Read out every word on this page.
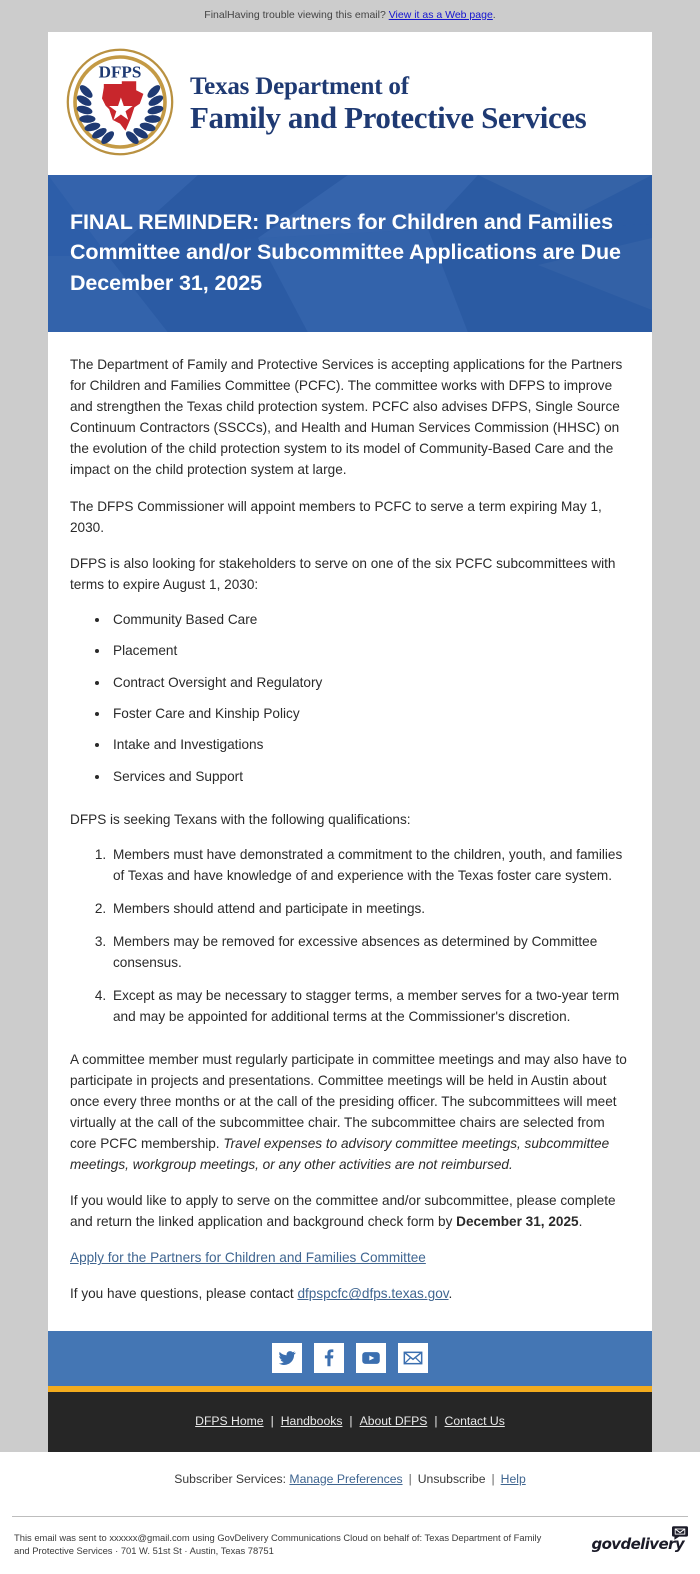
FinalHaving trouble viewing this email? View it as a Web page.
DFPS
Texas Department of
Family and Protective Services
FINAL REMINDER: Partners for Children and Families Committee and/or Subcommittee Applications are Due December 31, 2025

The Department of Family and Protective Services is accepting applications for the Partners for Children and Families Committee (PCFC). The committee works with DFPS to improve and strengthen the Texas child protection system. PCFC also advises DFPS, Single Source Continuum Contractors (SSCCs), and Health and Human Services Commission (HHSC) on the evolution of the child protection system to its model of Community-Based Care and the impact on the child protection system at large.

The DFPS Commissioner will appoint members to PCFC to serve a term expiring May 1, 2030.

DFPS is also looking for stakeholders to serve on one of the six PCFC subcommittees with terms to expire August 1, 2030:

• Community Based Care
• Placement
• Contract Oversight and Regulatory
• Foster Care and Kinship Policy
• Intake and Investigations
• Services and Support

DFPS is seeking Texans with the following qualifications:

1. Members must have demonstrated a commitment to the children, youth, and families of Texas and have knowledge of and experience with the Texas foster care system.
2. Members should attend and participate in meetings.
3. Members may be removed for excessive absences as determined by Committee consensus.
4. Except as may be necessary to stagger terms, a member serves for a two-year term and may be appointed for additional terms at the Commissioner's discretion.

A committee member must regularly participate in committee meetings and may also have to participate in projects and presentations. Committee meetings will be held in Austin about once every three months or at the call of the presiding officer. The subcommittees will meet virtually at the call of the subcommittee chair. The subcommittee chairs are selected from core PCFC membership. Travel expenses to advisory committee meetings, subcommittee meetings, workgroup meetings, or any other activities are not reimbursed.

If you would like to apply to serve on the committee and/or subcommittee, please complete and return the linked application and background check form by December 31, 2025.

Apply for the Partners for Children and Families Committee

If you have questions, please contact dfpspcfc@dfps.texas.gov.

DFPS Home | Handbooks | About DFPS | Contact Us
Subscriber Services: Manage Preferences | Unsubscribe | Help
This email was sent to xxxxxx@gmail.com using GovDelivery Communications Cloud on behalf of: Texas Department of Family
and Protective Services · 701 W. 51st St · Austin, Texas 78751	govdelivery
